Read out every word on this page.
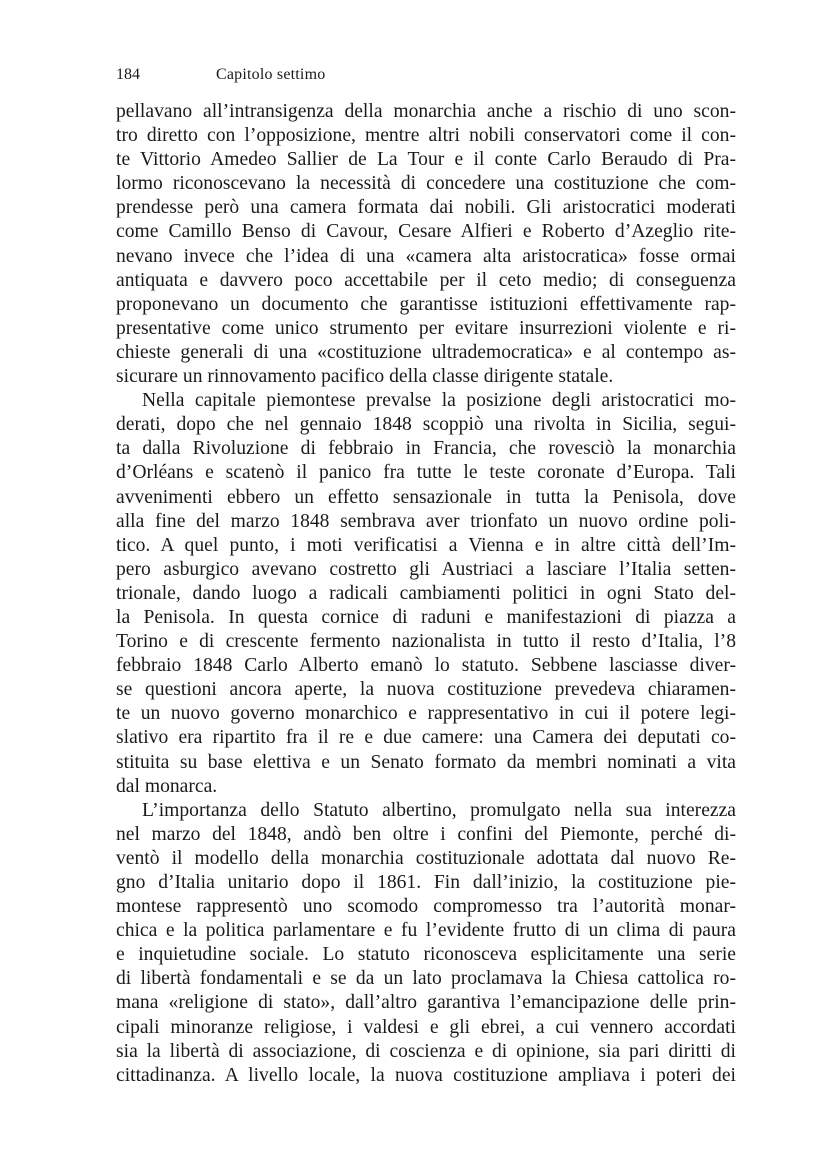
184	Capitolo settimo
pellavano all’intransigenza della monarchia anche a rischio di uno scon-
tro diretto con l’opposizione, mentre altri nobili conservatori come il con-
te Vittorio Amedeo Sallier de La Tour e il conte Carlo Beraudo di Pra-
lormo riconoscevano la necessità di concedere una costituzione che com-
prendesse però una camera formata dai nobili. Gli aristocratici moderati
come Camillo Benso di Cavour, Cesare Alfieri e Roberto d’Azeglio rite-
nevano invece che l’idea di una «camera alta aristocratica» fosse ormai
antiquata e davvero poco accettabile per il ceto medio; di conseguenza
proponevano un documento che garantisse istituzioni effettivamente rap-
presentative come unico strumento per evitare insurrezioni violente e ri-
chieste generali di una «costituzione ultrademocratica» e al contempo as-
sicurare un rinnovamento pacifico della classe dirigente statale.
Nella capitale piemontese prevalse la posizione degli aristocratici mo-
derati, dopo che nel gennaio 1848 scoppiò una rivolta in Sicilia, segui-
ta dalla Rivoluzione di febbraio in Francia, che rovesciò la monarchia
d’Orléans e scatenò il panico fra tutte le teste coronate d’Europa. Tali
avvenimenti ebbero un effetto sensazionale in tutta la Penisola, dove
alla fine del marzo 1848 sembrava aver trionfato un nuovo ordine poli-
tico. A quel punto, i moti verificatisi a Vienna e in altre città dell’Im-
pero asburgico avevano costretto gli Austriaci a lasciare l’Italia setten-
trionale, dando luogo a radicali cambiamenti politici in ogni Stato del-
la Penisola. In questa cornice di raduni e manifestazioni di piazza a
Torino e di crescente fermento nazionalista in tutto il resto d’Italia, l’8
febbraio 1848 Carlo Alberto emanò lo statuto. Sebbene lasciasse diver-
se questioni ancora aperte, la nuova costituzione prevedeva chiaramen-
te un nuovo governo monarchico e rappresentativo in cui il potere legi-
slativo era ripartito fra il re e due camere: una Camera dei deputati co-
stituita su base elettiva e un Senato formato da membri nominati a vita
dal monarca.
L’importanza dello Statuto albertino, promulgato nella sua interezza
nel marzo del 1848, andò ben oltre i confini del Piemonte, perché di-
ventò il modello della monarchia costituzionale adottata dal nuovo Re-
gno d’Italia unitario dopo il 1861. Fin dall’inizio, la costituzione pie-
montese rappresentò uno scomodo compromesso tra l’autorità monar-
chica e la politica parlamentare e fu l’evidente frutto di un clima di paura
e inquietudine sociale. Lo statuto riconosceva esplicitamente una serie
di libertà fondamentali e se da un lato proclamava la Chiesa cattolica ro-
mana «religione di stato», dall’altro garantiva l’emancipazione delle prin-
cipali minoranze religiose, i valdesi e gli ebrei, a cui vennero accordati
sia la libertà di associazione, di coscienza e di opinione, sia pari diritti di
cittadinanza. A livello locale, la nuova costituzione ampliava i poteri dei
